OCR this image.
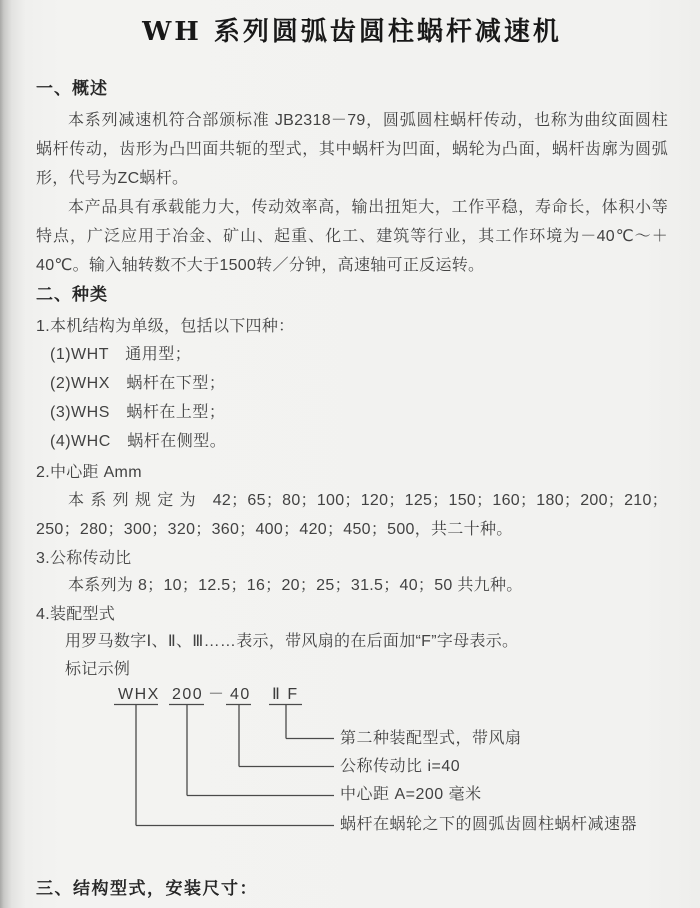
WH 系列圆弧齿圆柱蜗杆减速机
一、概述

本系列减速机符合部颁标准 JB2318－79，圆弧圆柱蜗杆传动，也称为曲纹面圆柱蜗杆传动，齿形为凸凹面共轭的型式，其中蜗杆为凹面，蜗轮为凸面，蜗杆齿廓为圆弧形，代号为ZC蜗杆。

本产品具有承载能力大，传动效率高，输出扭矩大，工作平稳，寿命长，体积小等特点，广泛应用于冶金、矿山、起重、化工、建筑等行业，其工作环境为－40℃～＋40℃。输入轴转数不大于1500转／分钟，高速轴可正反运转。

二、种类
1.本机结构为单级，包括以下四种：
(1)WHT　通用型；
(2)WHX　蜗杆在下型；
(3)WHS　蜗杆在上型；
(4)WHC　蜗杆在侧型。
2.中心距 Amm

本系列规定为 42；65；80；100；120；125；150；160；180；200；210；250；280；300；320；360；400；420；450；500，共二十种。

3.公称传动比

本系列为 8；10；12.5；16；20；25；31.5；40；50 共九种。

4.装配型式
用罗马数字Ⅰ、Ⅱ、Ⅲ……表示，带风扇的在后面加“F”字母表示。
标记示例
WHX 200 － 40 Ⅱ F
第二种装配型式，带风扇
公称传动比 i=40
中心距 A=200 毫米
蜗杆在蜗轮之下的圆弧齿圆柱蜗杆减速器
三、结构型式，安装尺寸：
